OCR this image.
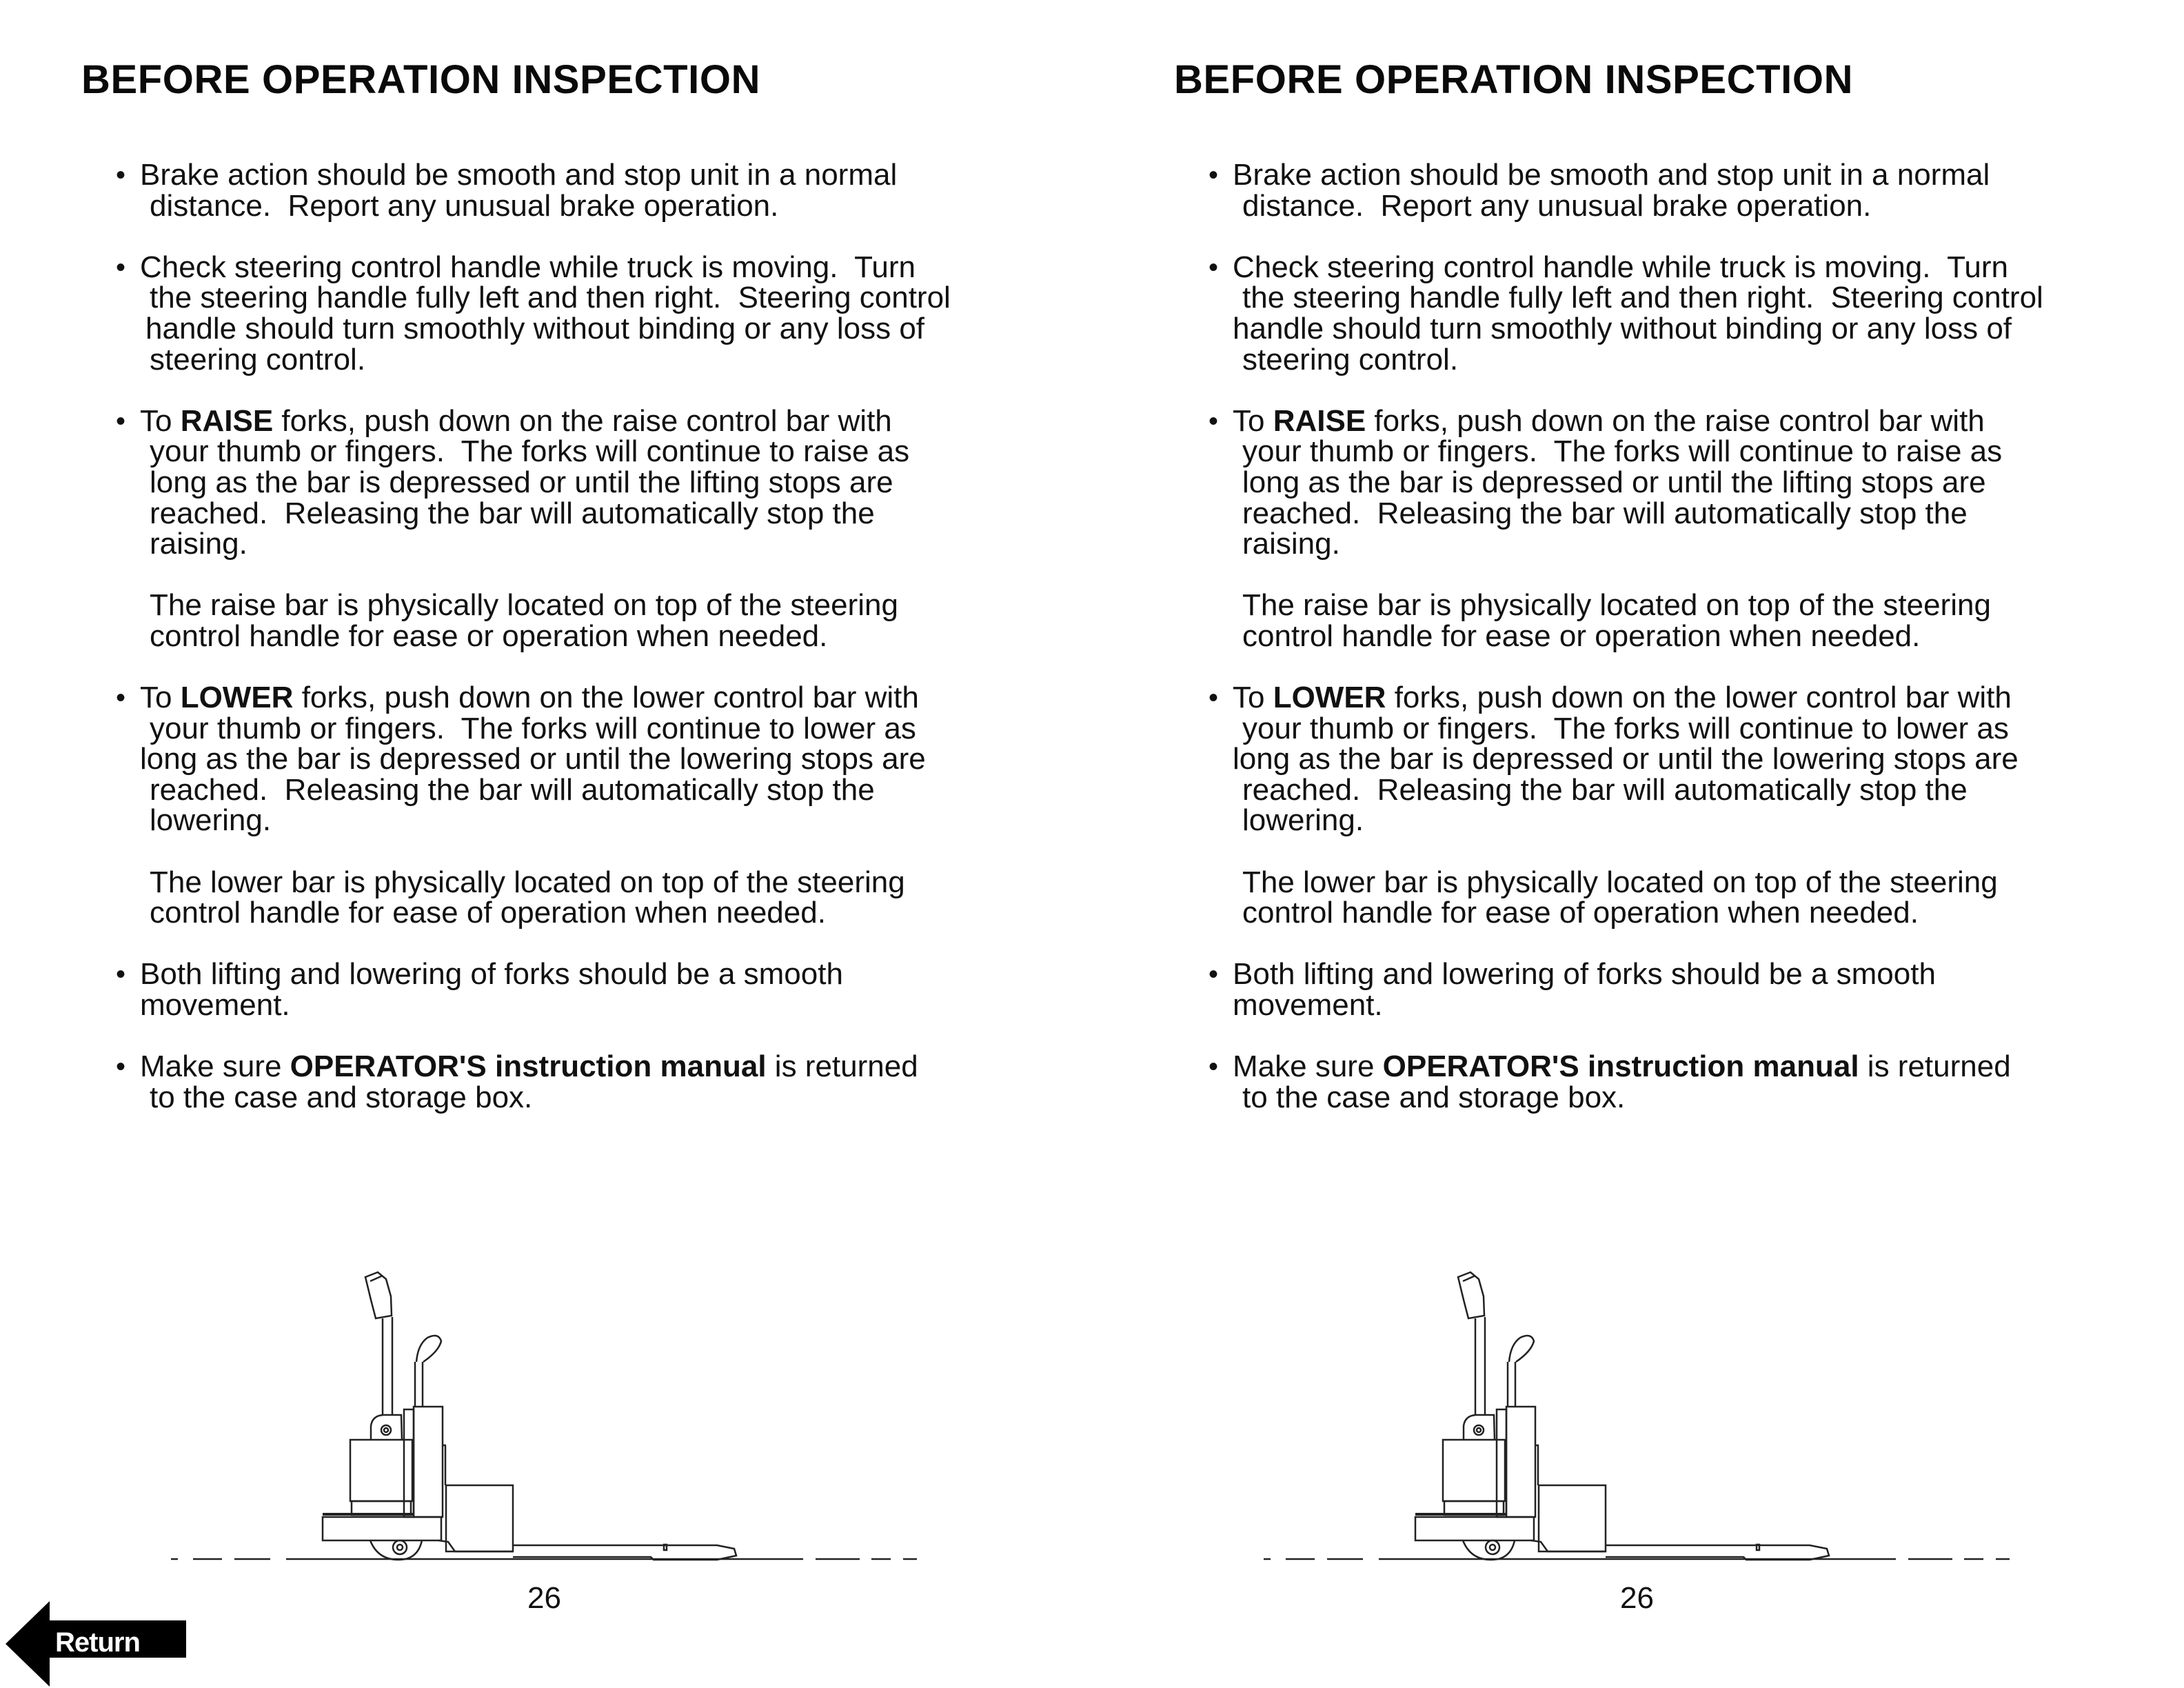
BEFORE OPERATION INSPECTION
• Brake action should be smooth and stop unit in a normal
distance.  Report any unusual brake operation.
• Check steering control handle while truck is moving.  Turn
the steering handle fully left and then right.  Steering control
handle should turn smoothly without binding or any loss of
steering control.
• To RAISE forks, push down on the raise control bar with
your thumb or fingers.  The forks will continue to raise as
long as the bar is depressed or until the lifting stops are
reached.  Releasing the bar will automatically stop the
raising.
The raise bar is physically located on top of the steering
control handle for ease or operation when needed.
• To LOWER forks, push down on the lower control bar with
your thumb or fingers.  The forks will continue to lower as
long as the bar is depressed or until the lowering stops are
reached.  Releasing the bar will automatically stop the
lowering.
The lower bar is physically located on top of the steering
control handle for ease of operation when needed.
• Both lifting and lowering of forks should be a smooth
movement.
• Make sure OPERATOR'S instruction manual is returned
to the case and storage box.
26
Return
BEFORE OPERATION INSPECTION
• Brake action should be smooth and stop unit in a normal
distance.  Report any unusual brake operation.
• Check steering control handle while truck is moving.  Turn
the steering handle fully left and then right.  Steering control
handle should turn smoothly without binding or any loss of
steering control.
• To RAISE forks, push down on the raise control bar with
your thumb or fingers.  The forks will continue to raise as
long as the bar is depressed or until the lifting stops are
reached.  Releasing the bar will automatically stop the
raising.
The raise bar is physically located on top of the steering
control handle for ease or operation when needed.
• To LOWER forks, push down on the lower control bar with
your thumb or fingers.  The forks will continue to lower as
long as the bar is depressed or until the lowering stops are
reached.  Releasing the bar will automatically stop the
lowering.
The lower bar is physically located on top of the steering
control handle for ease of operation when needed.
• Both lifting and lowering of forks should be a smooth
movement.
• Make sure OPERATOR'S instruction manual is returned
to the case and storage box.
26
